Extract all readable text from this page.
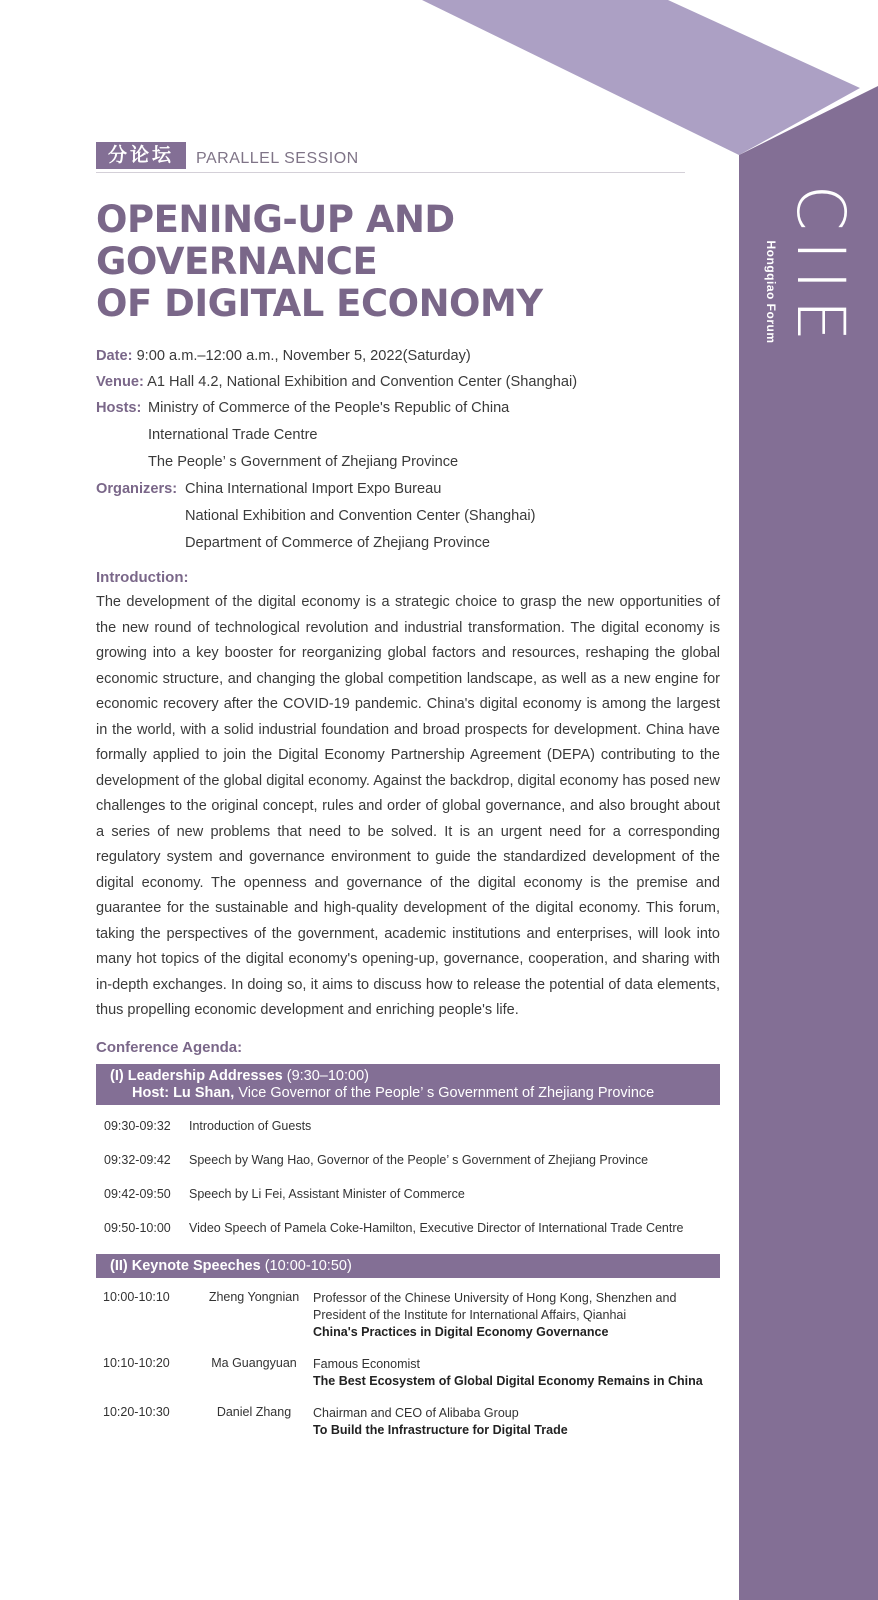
CIIE
Hongqiao Forum
分论坛	PARALLEL SESSION
OPENING-UP AND
GOVERNANCE
OF DIGITAL ECONOMY
Date: 9:00 a.m.–12:00 a.m., November 5, 2022(Saturday)
Venue: A1 Hall 4.2, National Exhibition and Convention Center (Shanghai)
Hosts: Ministry of Commerce of the People's Republic of China
International Trade Centre
The People’ s Government of Zhejiang Province
Organizers: China International Import Expo Bureau
National Exhibition and Convention Center (Shanghai)
Department of Commerce of Zhejiang Province
Introduction:

The development of the digital economy is a strategic choice to grasp the new opportunities of the new round of technological revolution and industrial transformation. The digital economy is growing into a key booster for reorganizing global factors and resources, reshaping the global economic structure, and changing the global competition landscape, as well as a new engine for economic recovery after the COVID-19 pandemic. China's digital economy is among the largest in the world, with a solid industrial foundation and broad prospects for development. China have formally applied to join the Digital Economy Partnership Agreement (DEPA) contributing to the development of the global digital economy. Against the backdrop, digital economy has posed new challenges to the original concept, rules and order of global governance, and also brought about a series of new problems that need to be solved. It is an urgent need for a corresponding regulatory system and governance environment to guide the standardized development of the digital economy. The openness and governance of the digital economy is the premise and guarantee for the sustainable and high-quality development of the digital economy. This forum, taking the perspectives of the government, academic institutions and enterprises, will look into many hot topics of the digital economy's opening-up, governance, cooperation, and sharing with in-depth exchanges. In doing so, it aims to discuss how to release the potential of data elements, thus propelling economic development and enriching people's life.

Conference Agenda:
(I) Leadership Addresses (9:30–10:00)
Host: Lu Shan, Vice Governor of the People’ s Government of Zhejiang Province
09:30-09:32	Introduction of Guests
09:32-09:42	Speech by Wang Hao, Governor of the People’ s Government of Zhejiang Province
09:42-09:50	Speech by Li Fei, Assistant Minister of Commerce
09:50-10:00	Video Speech of Pamela Coke-Hamilton, Executive Director of International Trade Centre
(II) Keynote Speeches (10:00-10:50)
10:00-10:10	Zheng Yongnian	Professor of the Chinese University of Hong Kong, Shenzhen and
President of the Institute for International Affairs, Qianhai
China's Practices in Digital Economy Governance
10:10-10:20	Ma Guangyuan	Famous Economist
The Best Ecosystem of Global Digital Economy Remains in China
10:20-10:30	Daniel Zhang	Chairman and CEO of Alibaba Group
To Build the Infrastructure for Digital Trade
